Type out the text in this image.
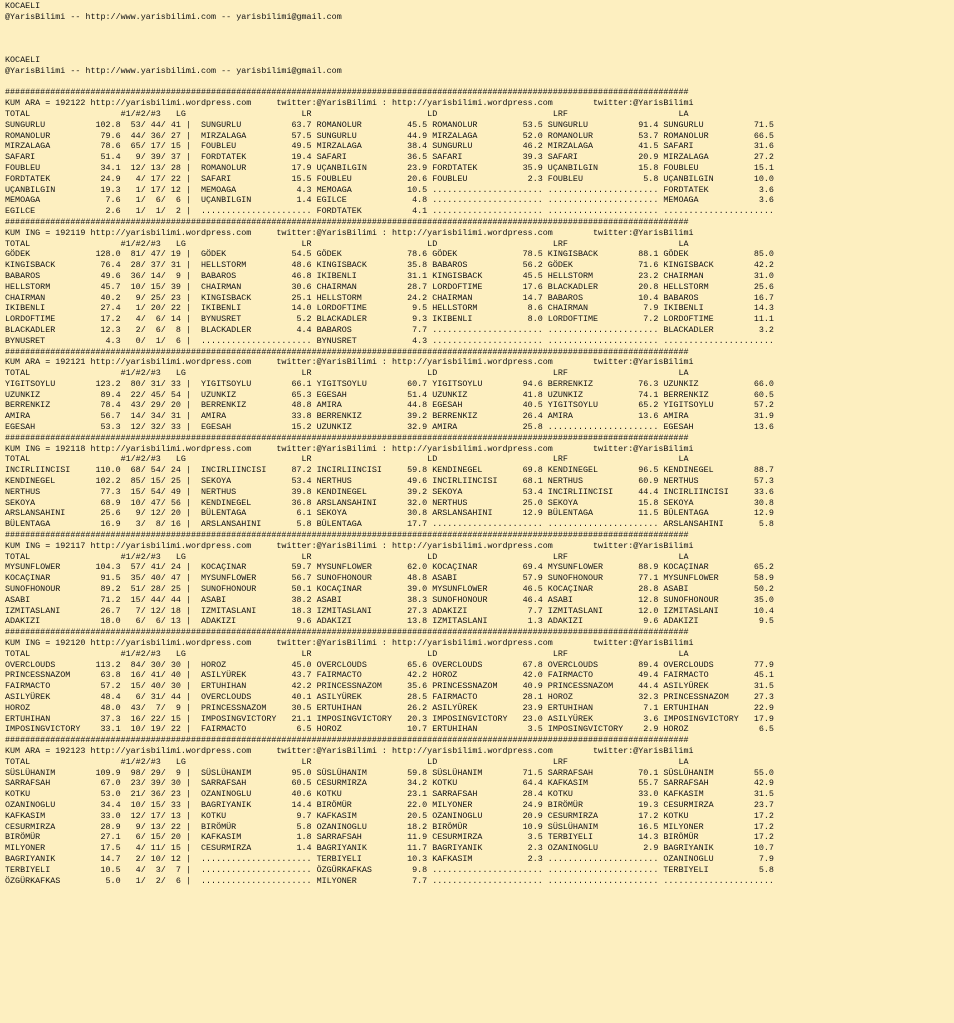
KOCAELI
@YarisBilimi -- http://www.yarisbilimi.com -- yarisbilimi@gmail.com
KOCAELI
@YarisBilimi -- http://www.yarisbilimi.com -- yarisbilimi@gmail.com
########################################################################################################################################
KUM ARA = 192122 http://yarisbilimi.wordpress.com     twitter:@YarisBilimi : http://yarisbilimi.wordpress.com        twitter:@YarisBilimi
TOTAL                  #1/#2/#3   LG                       LR                       LD                       LRF                      LA
SUNGURLU          102.8  53/ 44/ 41 |  SUNGURLU          63.7 ROMANOLUR         45.5 ROMANOLUR         53.5 SUNGURLU          91.4 SUNGURLU          71.5
ROMANOLUR          79.6  44/ 36/ 27 |  MIRZALAGA         57.5 SUNGURLU          44.9 MIRZALAGA         52.0 ROMANOLUR         53.7 ROMANOLUR         66.5
MIRZALAGA          78.6  65/ 17/ 15 |  FOUBLEU           49.5 MIRZALAGA         38.4 SUNGURLU          46.2 MIRZALAGA         41.5 SAFARI            31.6
SAFARI             51.4   9/ 39/ 37 |  FORDTATEK         19.4 SAFARI            36.5 SAFARI            39.3 SAFARI            20.9 MIRZALAGA         27.2
FOUBLEU            34.1  12/ 13/ 28 |  ROMANOLUR         17.9 UÇANBILGIN        23.9 FORDTATEK         35.9 UÇANBILGIN        15.8 FOUBLEU           15.1
FORDTATEK          24.9   4/ 17/ 22 |  SAFARI            15.5 FOUBLEU           20.6 FOUBLEU            2.3 FOUBLEU            5.8 UÇANBILGIN        10.0
UÇANBILGIN         19.3   1/ 17/ 12 |  MEMOAGA            4.3 MEMOAGA           10.5 ...................... ...................... FORDTATEK          3.6
MEMOAGA             7.6   1/  6/  6 |  UÇANBILGIN         1.4 EGILCE             4.8 ...................... ...................... MEMOAGA            3.6
EGILCE              2.6   1/  1/  2 |  ...................... FORDTATEK          4.1 ...................... ...................... ......................
########################################################################################################################################
KUM ING = 192119 http://yarisbilimi.wordpress.com     twitter:@YarisBilimi : http://yarisbilimi.wordpress.com        twitter:@YarisBilimi
TOTAL                  #1/#2/#3   LG                       LR                       LD                       LRF                      LA
GÖDEK             128.0  81/ 47/ 19 |  GÖDEK             54.5 GÖDEK             78.6 GÖDEK             78.5 KINGISBACK        88.1 GÖDEK             85.0
KINGISBACK         76.4  28/ 37/ 31 |  HELLSTORM         48.6 KINGISBACK        35.8 BABAROS           56.2 GÖDEK             71.6 KINGISBACK        42.2
BABAROS            49.6  36/ 14/  9 |  BABAROS           46.8 IKIBENLI          31.1 KINGISBACK        45.5 HELLSTORM         23.2 CHAIRMAN          31.0
HELLSTORM          45.7  10/ 15/ 39 |  CHAIRMAN          30.6 CHAIRMAN          28.7 LORDOFTIME        17.6 BLACKADLER        20.8 HELLSTORM         25.6
CHAIRMAN           40.2   9/ 25/ 23 |  KINGISBACK        25.1 HELLSTORM         24.2 CHAIRMAN          14.7 BABAROS           10.4 BABAROS           16.7
IKIBENLI           27.4   1/ 20/ 22 |  IKIBENLI          14.0 LORDOFTIME         9.5 HELLSTORM          8.6 CHAIRMAN           7.9 IKIBENLI          14.3
LORDOFTIME         17.2   4/  6/ 14 |  BYNUSRET           5.2 BLACKADLER         9.3 IKIBENLI           8.0 LORDOFTIME         7.2 LORDOFTIME        11.1
BLACKADLER         12.3   2/  6/  8 |  BLACKADLER         4.4 BABAROS            7.7 ...................... ...................... BLACKADLER         3.2
BYNUSRET            4.3   0/  1/  6 |  ...................... BYNUSRET           4.3 ...................... ...................... ......................
########################################################################################################################################
KUM ARA = 192121 http://yarisbilimi.wordpress.com     twitter:@YarisBilimi : http://yarisbilimi.wordpress.com        twitter:@YarisBilimi
TOTAL                  #1/#2/#3   LG                       LR                       LD                       LRF                      LA
YIGITSOYLU        123.2  80/ 31/ 33 |  YIGITSOYLU        66.1 YIGITSOYLU        60.7 YIGITSOYLU        94.6 BERRENKIZ         76.3 UZUNKIZ           66.0
UZUNKIZ            89.4  22/ 45/ 54 |  UZUNKIZ           65.3 EGESAH            51.4 UZUNKIZ           41.8 UZUNKIZ           74.1 BERRENKIZ         60.5
BERRENKIZ          78.4  43/ 29/ 20 |  BERRENKIZ         48.8 AMIRA             44.8 EGESAH            40.5 YIGITSOYLU        65.2 YIGITSOYLU        57.2
AMIRA              56.7  14/ 34/ 31 |  AMIRA             33.8 BERRENKIZ         39.2 BERRENKIZ         26.4 AMIRA             13.6 AMIRA             31.9
EGESAH             53.3  12/ 32/ 33 |  EGESAH            15.2 UZUNKIZ           32.9 AMIRA             25.8 ...................... EGESAH            13.6
########################################################################################################################################
KUM ING = 192118 http://yarisbilimi.wordpress.com     twitter:@YarisBilimi : http://yarisbilimi.wordpress.com        twitter:@YarisBilimi
TOTAL                  #1/#2/#3   LG                       LR                       LD                       LRF                      LA
INCIRLIINCISI     110.0  68/ 54/ 24 |  INCIRLIINCISI     87.2 INCIRLIINCISI     59.8 KENDINEGEL        69.8 KENDINEGEL        96.5 KENDINEGEL        88.7
KENDINEGEL        102.2  85/ 15/ 25 |  SEKOYA            53.4 NERTHUS           49.6 INCIRLIINCISI     68.1 NERTHUS           60.9 NERTHUS           57.3
NERTHUS            77.3  15/ 54/ 49 |  NERTHUS           39.8 KENDINEGEL        39.2 SEKOYA            53.4 INCIRLIINCISI     44.4 INCIRLIINCISI     33.6
SEKOYA             68.9  10/ 47/ 56 |  KENDINEGEL        36.8 ARSLANSAHINI      32.0 NERTHUS           25.0 SEKOYA            15.8 SEKOYA            30.8
ARSLANSAHINI       25.6   9/ 12/ 20 |  BÜLENTAGA          6.1 SEKOYA            30.8 ARSLANSAHINI      12.9 BÜLENTAGA         11.5 BÜLENTAGA         12.9
BÜLENTAGA          16.9   3/  8/ 16 |  ARSLANSAHINI       5.8 BÜLENTAGA         17.7 ...................... ...................... ARSLANSAHINI       5.8
########################################################################################################################################
KUM ING = 192117 http://yarisbilimi.wordpress.com     twitter:@YarisBilimi : http://yarisbilimi.wordpress.com        twitter:@YarisBilimi
TOTAL                  #1/#2/#3   LG                       LR                       LD                       LRF                      LA
MYSUNFLOWER       104.3  57/ 41/ 24 |  KOCAÇINAR         59.7 MYSUNFLOWER       62.0 KOCAÇINAR         69.4 MYSUNFLOWER       88.9 KOCAÇINAR         65.2
KOCAÇINAR          91.5  35/ 40/ 47 |  MYSUNFLOWER       56.7 SUNOFHONOUR       48.8 ASABI             57.9 SUNOFHONOUR       77.1 MYSUNFLOWER       58.9
SUNOFHONOUR        89.2  51/ 28/ 25 |  SUNOFHONOUR       50.1 KOCAÇINAR         39.0 MYSUNFLOWER       46.5 KOCAÇINAR         28.8 ASABI             50.2
ASABI              71.2  15/ 44/ 44 |  ASABI             38.2 ASABI             38.3 SUNOFHONOUR       46.4 ASABI             12.8 SUNOFHONOUR       35.0
IZMITASLANI        26.7   7/ 12/ 18 |  IZMITASLANI       18.3 IZMITASLANI       27.3 ADAKIZI            7.7 IZMITASLANI       12.0 IZMITASLANI       10.4
ADAKIZI            18.0   6/  6/ 13 |  ADAKIZI            9.6 ADAKIZI           13.8 IZMITASLANI        1.3 ADAKIZI            9.6 ADAKIZI            9.5
########################################################################################################################################
KUM ING = 192120 http://yarisbilimi.wordpress.com     twitter:@YarisBilimi : http://yarisbilimi.wordpress.com        twitter:@YarisBilimi
TOTAL                  #1/#2/#3   LG                       LR                       LD                       LRF                      LA
OVERCLOUDS        113.2  84/ 30/ 30 |  HOROZ             45.0 OVERCLOUDS        65.6 OVERCLOUDS        67.8 OVERCLOUDS        89.4 OVERCLOUDS        77.9
PRINCESSNAZOM      63.8  16/ 41/ 40 |  ASILYÜREK         43.7 FAIRMACTO         42.2 HOROZ             42.0 FAIRMACTO         49.4 FAIRMACTO         45.1
FAIRMACTO          57.2  15/ 40/ 30 |  ERTUHIHAN         42.2 PRINCESSNAZOM     35.6 PRINCESSNAZOM     40.9 PRINCESSNAZOM     44.4 ASILYÜREK         31.5
ASILYÜREK          48.4   6/ 31/ 44 |  OVERCLOUDS        40.1 ASILYÜREK         28.5 FAIRMACTO         28.1 HOROZ             32.3 PRINCESSNAZOM     27.3
HOROZ              48.0  43/  7/  9 |  PRINCESSNAZOM     30.5 ERTUHIHAN         26.2 ASILYÜREK         23.9 ERTUHIHAN          7.1 ERTUHIHAN         22.9
ERTUHIHAN          37.3  16/ 22/ 15 |  IMPOSINGVICTORY   21.1 IMPOSINGVICTORY   20.3 IMPOSINGVICTORY   23.0 ASILYÜREK          3.6 IMPOSINGVICTORY   17.9
IMPOSINGVICTORY    33.1  10/ 19/ 22 |  FAIRMACTO          6.5 HOROZ             10.7 ERTUHIHAN          3.5 IMPOSINGVICTORY    2.9 HOROZ              6.5
########################################################################################################################################
KUM ARA = 192123 http://yarisbilimi.wordpress.com     twitter:@YarisBilimi : http://yarisbilimi.wordpress.com        twitter:@YarisBilimi
TOTAL                  #1/#2/#3   LG                       LR                       LD                       LRF                      LA
SÜSLÜHANIM        109.9  98/ 29/  9 |  SÜSLÜHANIM        95.0 SÜSLÜHANIM        59.8 SÜSLÜHANIM        71.5 SARRAFSAH         70.1 SÜSLÜHANIM        55.0
SARRAFSAH          67.0  23/ 39/ 30 |  SARRAFSAH         60.5 CESURMIRZA        34.2 KOTKU             64.4 KAFKASIM          55.7 SARRAFSAH         42.9
KOTKU              53.0  21/ 36/ 23 |  OZANINOGLU        40.6 KOTKU             23.1 SARRAFSAH         28.4 KOTKU             33.0 KAFKASIM          31.5
OZANINOGLU         34.4  10/ 15/ 33 |  BAGRIYANIK        14.4 BIRÖMÜR           22.0 MILYONER          24.9 BIRÖMÜR           19.3 CESURMIRZA        23.7
KAFKASIM           33.0  12/ 17/ 13 |  KOTKU              9.7 KAFKASIM          20.5 OZANINOGLU        20.9 CESURMIRZA        17.2 KOTKU             17.2
CESURMIRZA         28.9   9/ 13/ 22 |  BIRÖMÜR            5.8 OZANINOGLU        18.2 BIRÖMÜR           10.9 SÜSLÜHANIM        16.5 MILYONER          17.2
BIRÖMÜR            27.1   6/ 15/ 20 |  KAFKASIM           1.8 SARRAFSAH         11.9 CESURMIRZA         3.5 TERBIYELI         14.3 BIRÖMÜR           17.2
MILYONER           17.5   4/ 11/ 15 |  CESURMIRZA         1.4 BAGRIYANIK        11.7 BAGRIYANIK         2.3 OZANINOGLU         2.9 BAGRIYANIK        10.7
BAGRIYANIK         14.7   2/ 10/ 12 |  ...................... TERBIYELI         10.3 KAFKASIM           2.3 ...................... OZANINOGLU         7.9
TERBIYELI          10.5   4/  3/  7 |  ...................... ÖZGÜRKAFKAS        9.8 ...................... ...................... TERBIYELI          5.8
ÖZGÜRKAFKAS         5.0   1/  2/  6 |  ...................... MILYONER           7.7 ...................... ...................... ......................
